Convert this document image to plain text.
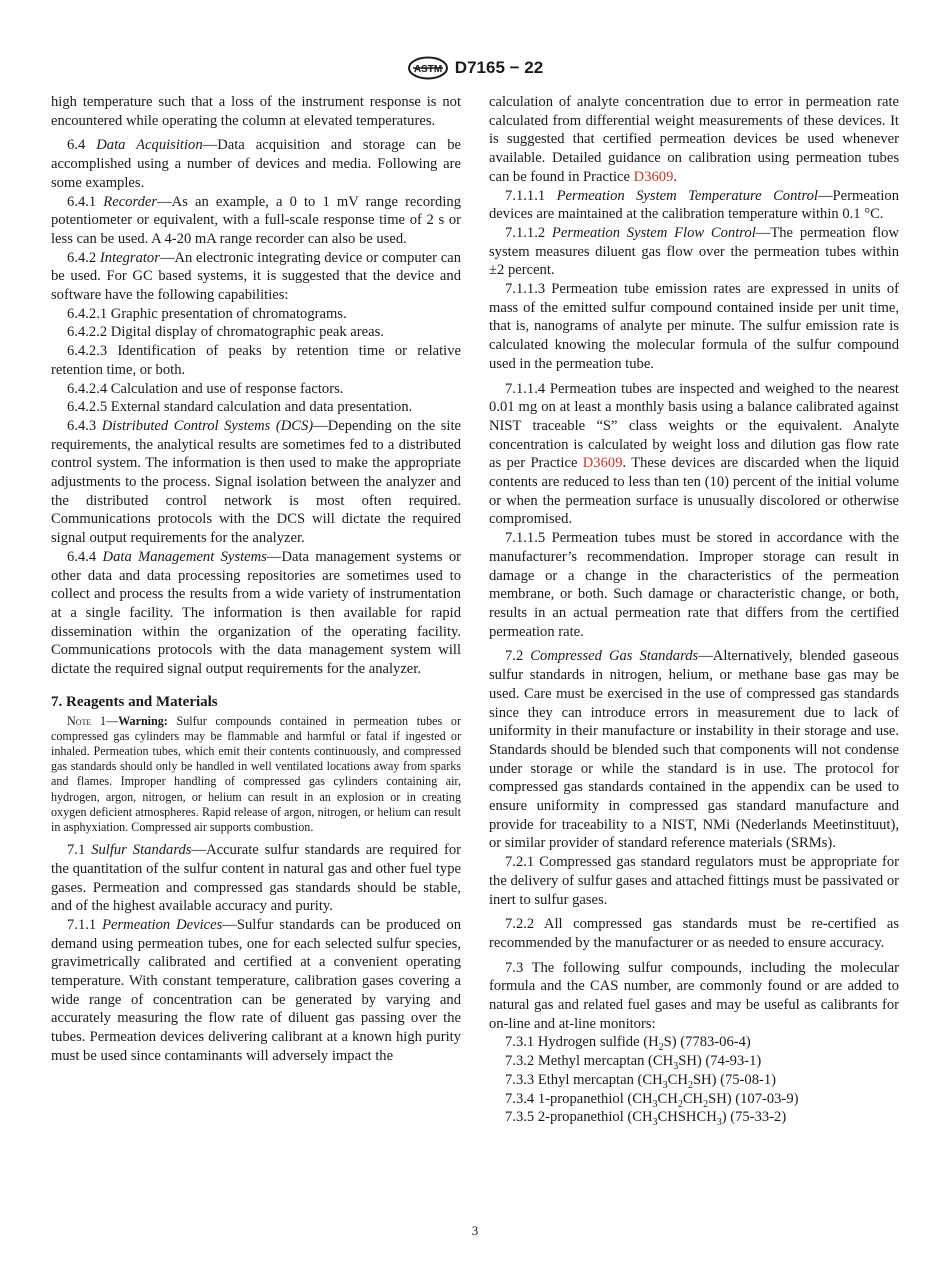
ASTM D7165 − 22

high temperature such that a loss of the instrument response is not encountered while operating the column at elevated temperatures.

6.4 Data Acquisition—Data acquisition and storage can be accomplished using a number of devices and media. Following are some examples.

6.4.1 Recorder—As an example, a 0 to 1 mV range recording potentiometer or equivalent, with a full-scale response time of 2 s or less can be used. A 4-20 mA range recorder can also be used.

6.4.2 Integrator—An electronic integrating device or computer can be used. For GC based systems, it is suggested that the device and software have the following capabilities:

6.4.2.1 Graphic presentation of chromatograms.

6.4.2.2 Digital display of chromatographic peak areas.

6.4.2.3 Identification of peaks by retention time or relative retention time, or both.

6.4.2.4 Calculation and use of response factors.

6.4.2.5 External standard calculation and data presentation.

6.4.3 Distributed Control Systems (DCS)—Depending on the site requirements, the analytical results are sometimes fed to a distributed control system. The information is then used to make the appropriate adjustments to the process. Signal isolation between the analyzer and the distributed control network is most often required. Communications protocols with the DCS will dictate the required signal output requirements for the analyzer.

6.4.4 Data Management Systems—Data management systems or other data and data processing repositories are sometimes used to collect and process the results from a wide variety of instrumentation at a single facility. The information is then available for rapid dissemination within the organization of the operating facility. Communications protocols with the data management system will dictate the required signal output requirements for the analyzer.

7. Reagents and Materials

Note 1—Warning: Sulfur compounds contained in permeation tubes or compressed gas cylinders may be flammable and harmful or fatal if ingested or inhaled. Permeation tubes, which emit their contents continuously, and compressed gas standards should only be handled in well ventilated locations away from sparks and flames. Improper handling of compressed gas cylinders containing air, hydrogen, argon, nitrogen, or helium can result in an explosion or in creating oxygen deficient atmospheres. Rapid release of argon, nitrogen, or helium can result in asphyxiation. Compressed air supports combustion.

7.1 Sulfur Standards—Accurate sulfur standards are required for the quantitation of the sulfur content in natural gas and other fuel type gases. Permeation and compressed gas standards should be stable, and of the highest available accuracy and purity.

7.1.1 Permeation Devices—Sulfur standards can be produced on demand using permeation tubes, one for each selected sulfur species, gravimetrically calibrated and certified at a convenient operating temperature. With constant temperature, calibration gases covering a wide range of concentration can be generated by varying and accurately measuring the flow rate of diluent gas passing over the tubes. Permeation devices delivering calibrant at a known high purity must be used since contaminants will adversely impact the

calculation of analyte concentration due to error in permeation rate calculated from differential weight measurements of these devices. It is suggested that certified permeation devices be used whenever available. Detailed guidance on calibration using permeation tubes can be found in Practice D3609.

7.1.1.1 Permeation System Temperature Control—Permeation devices are maintained at the calibration temperature within 0.1 °C.

7.1.1.2 Permeation System Flow Control—The permeation flow system measures diluent gas flow over the permeation tubes within ±2 percent.

7.1.1.3 Permeation tube emission rates are expressed in units of mass of the emitted sulfur compound contained inside per unit time, that is, nanograms of analyte per minute. The sulfur emission rate is calculated knowing the molecular formula of the sulfur compound used in the permeation tube.

7.1.1.4 Permeation tubes are inspected and weighed to the nearest 0.01 mg on at least a monthly basis using a balance calibrated against NIST traceable “S” class weights or the equivalent. Analyte concentration is calculated by weight loss and dilution gas flow rate as per Practice D3609. These devices are discarded when the liquid contents are reduced to less than ten (10) percent of the initial volume or when the permeation surface is unusually discolored or otherwise compromised.

7.1.1.5 Permeation tubes must be stored in accordance with the manufacturer’s recommendation. Improper storage can result in damage or a change in the characteristics of the permeation membrane, or both. Such damage or characteristic change, or both, results in an actual permeation rate that differs from the certified permeation rate.

7.2 Compressed Gas Standards—Alternatively, blended gaseous sulfur standards in nitrogen, helium, or methane base gas may be used. Care must be exercised in the use of compressed gas standards since they can introduce errors in measurement due to lack of uniformity in their manufacture or instability in their storage and use. Standards should be blended such that components will not condense under storage or while the standard is in use. The protocol for compressed gas standards contained in the appendix can be used to ensure uniformity in compressed gas standard manufacture and provide for traceability to a NIST, NMi (Nederlands Meetinstituut), or similar provider of standard reference materials (SRMs).

7.2.1 Compressed gas standard regulators must be appropriate for the delivery of sulfur gases and attached fittings must be passivated or inert to sulfur gases.

7.2.2 All compressed gas standards must be re-certified as recommended by the manufacturer or as needed to ensure accuracy.

7.3 The following sulfur compounds, including the molecular formula and the CAS number, are commonly found or are added to natural gas and related fuel gases and may be useful as calibrants for on-line and at-line monitors:

7.3.1 Hydrogen sulfide $(H_2S)$ (7783-06-4)

7.3.2 Methyl mercaptan $(CH_3SH)$ (74-93-1)

7.3.3 Ethyl mercaptan $(CH_3CH_2SH)$ (75-08-1)

7.3.4 1-propanethiol $(CH_3CH_2CH_2SH)$ (107-03-9)

7.3.5 2-propanethiol $(CH_3CHSHCH_3)$ (75-33-2)

3
